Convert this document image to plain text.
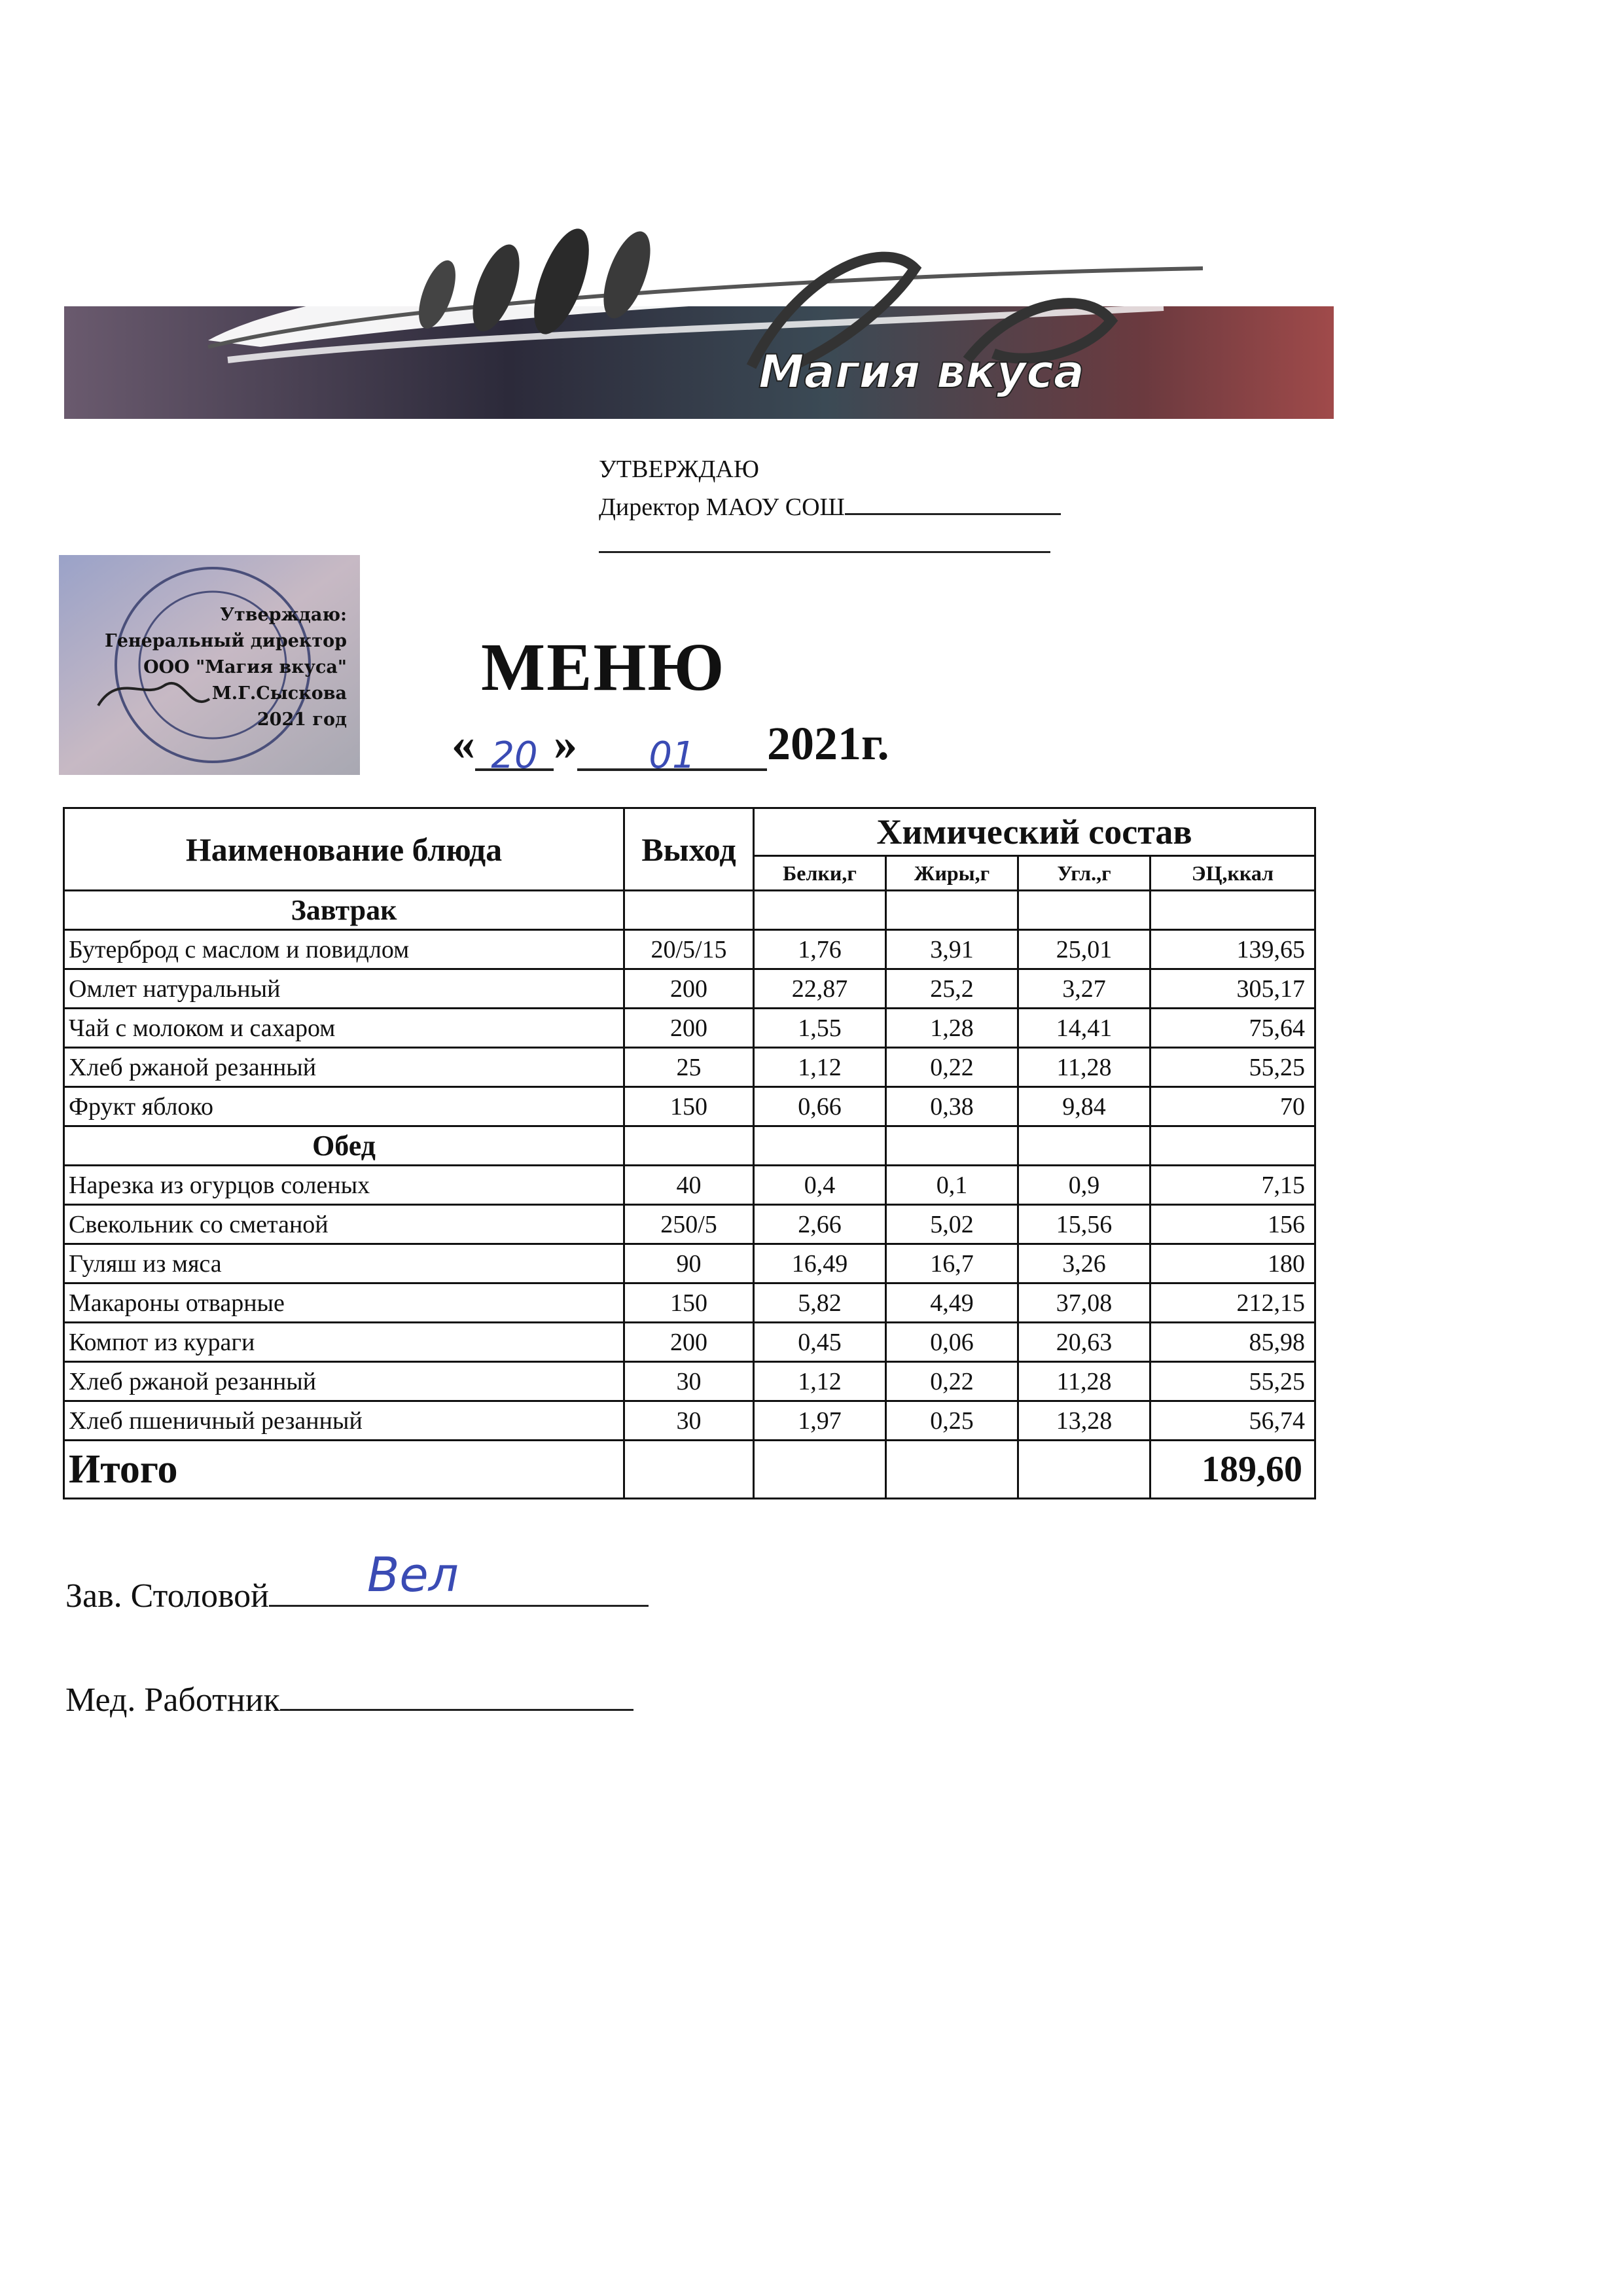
Магия вкуса
УТВЕРЖДАЮ
Директор МАОУ СОШ
Утверждаю:
Генеральный директор
ООО "Магия вкуса"
М.Г.Сыскова
2021 год
МЕНЮ
« 20 » 01 2021г.
Наименование блюда	Выход	Химический состав			
		Белки,г	Жиры,г	Угл.,г	ЭЦ,ккал
Завтрак					
Бутерброд с маслом и повидлом	20/5/15	1,76	3,91	25,01	139,65
Омлет натуральный	200	22,87	25,2	3,27	305,17
Чай с молоком и сахаром	200	1,55	1,28	14,41	75,64
Хлеб ржаной резанный	25	1,12	0,22	11,28	55,25
Фрукт яблоко	150	0,66	0,38	9,84	70
Обед					
Нарезка из огурцов соленых	40	0,4	0,1	0,9	7,15
Свекольник со сметаной	250/5	2,66	5,02	15,56	156
Гуляш из мяса	90	16,49	16,7	3,26	180
Макароны отварные	150	5,82	4,49	37,08	212,15
Компот из кураги	200	0,45	0,06	20,63	85,98
Хлеб ржаной резанный	30	1,12	0,22	11,28	55,25
Хлеб пшеничный резанный	30	1,97	0,25	13,28	56,74
Итого					189,60
Зав. Столовой Вел
Мед. Работник
